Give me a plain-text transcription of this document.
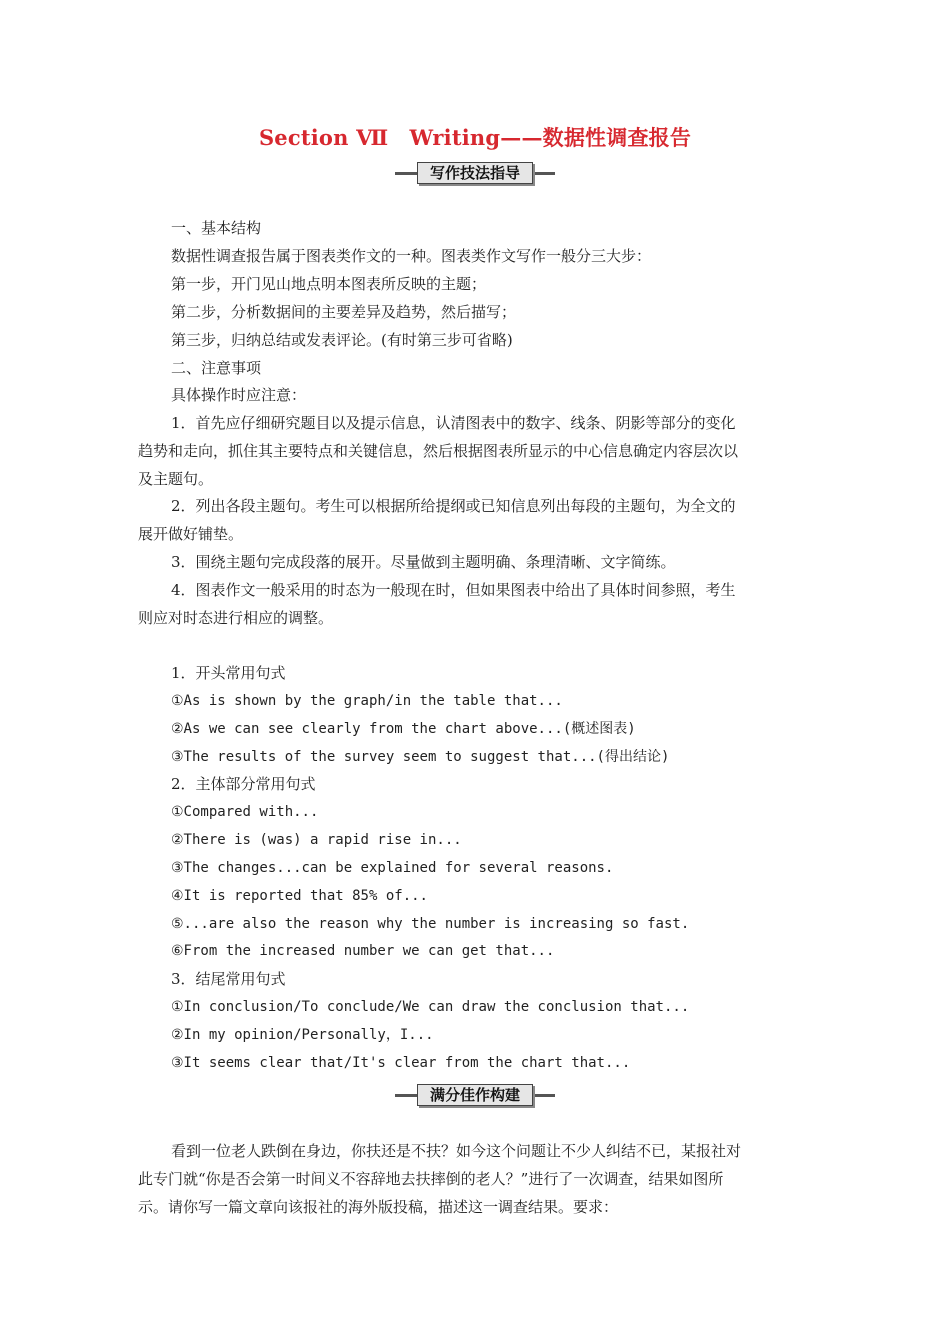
Section Ⅶ　Writing——数据性调查报告
写作技法指导
一、基本结构
数据性调查报告属于图表类作文的一种。图表类作文写作一般分三大步：
第一步，开门见山地点明本图表所反映的主题；
第二步，分析数据间的主要差异及趋势，然后描写；
第三步，归纳总结或发表评论。(有时第三步可省略)
二、注意事项
具体操作时应注意：
1．首先应仔细研究题目以及提示信息，认清图表中的数字、线条、阴影等部分的变化
趋势和走向，抓住其主要特点和关键信息，然后根据图表所显示的中心信息确定内容层次以
及主题句。
2．列出各段主题句。考生可以根据所给提纲或已知信息列出每段的主题句，为全文的
展开做好铺垫。
3．围绕主题句完成段落的展开。尽量做到主题明确、条理清晰、文字简练。
4．图表作文一般采用的时态为一般现在时，但如果图表中给出了具体时间参照，考生
则应对时态进行相应的调整。
1．开头常用句式
①As is shown by the graph/in the table that...
②As we can see clearly from the chart above...(概述图表)
③The results of the survey seem to suggest that...(得出结论)
2．主体部分常用句式
①Compared with...
②There is (was) a rapid rise in...
③The changes...can be explained for several reasons.
④It is reported that 85% of...
⑤...are also the reason why the number is increasing so fast.
⑥From the increased number we can get that...
3．结尾常用句式
①In conclusion/To conclude/We can draw the conclusion that...
②In my opinion/Personally，I...
③It seems clear that/It's clear from the chart that...
满分佳作构建
看到一位老人跌倒在身边，你扶还是不扶？如今这个问题让不少人纠结不已，某报社对
此专门就“你是否会第一时间义不容辞地去扶摔倒的老人？”进行了一次调查，结果如图所
示。请你写一篇文章向该报社的海外版投稿，描述这一调查结果。要求：
